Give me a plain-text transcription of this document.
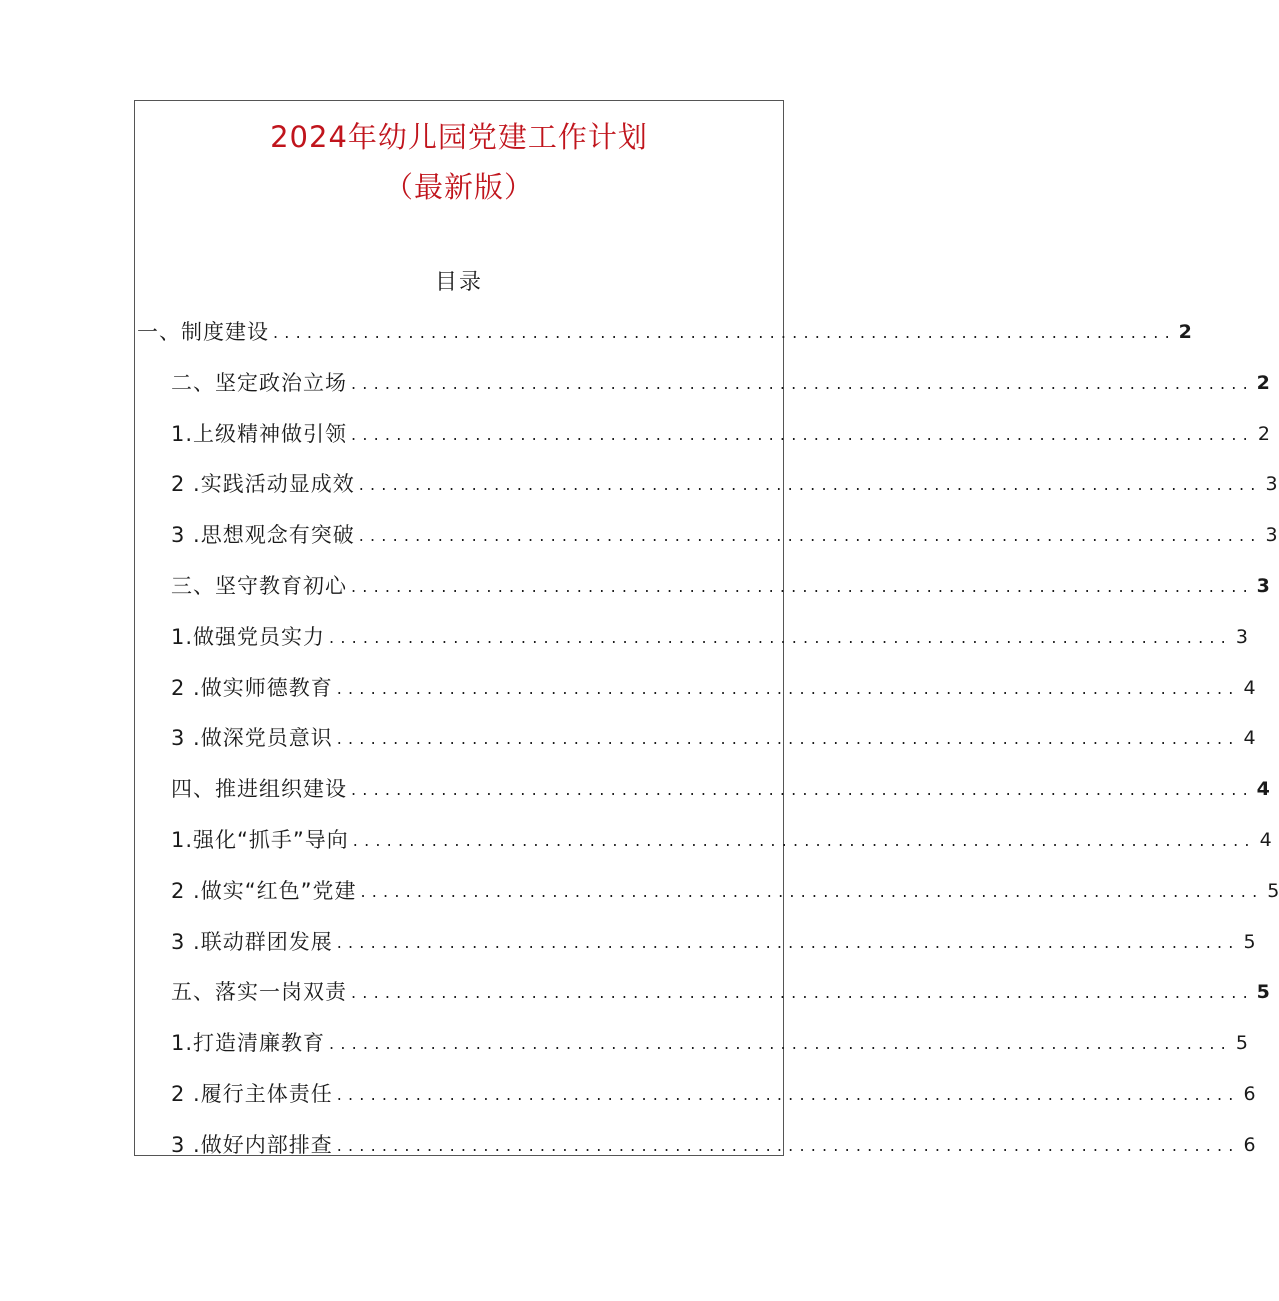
2024年幼儿园党建工作计划
（最新版）
目录
一、制度建设 ................................................................................ 2
二、坚定政治立场 ................................................................................ 2
1.上级精神做引领 ................................................................................ 2
2 .实践活动显成效 ................................................................................ 3
3 .思想观念有突破 ................................................................................ 3
三、坚守教育初心 ................................................................................ 3
1.做强党员实力 ................................................................................ 3
2 .做实师德教育 ................................................................................ 4
3 .做深党员意识 ................................................................................ 4
四、推进组织建设 ................................................................................ 4
1.强化“抓手”导向 ................................................................................ 4
2 .做实“红色”党建 ................................................................................ 5
3 .联动群团发展 ................................................................................ 5
五、落实一岗双责 ................................................................................ 5
1.打造清廉教育 ................................................................................ 5
2 .履行主体责任 ................................................................................ 6
3 .做好内部排查 ................................................................................ 6
